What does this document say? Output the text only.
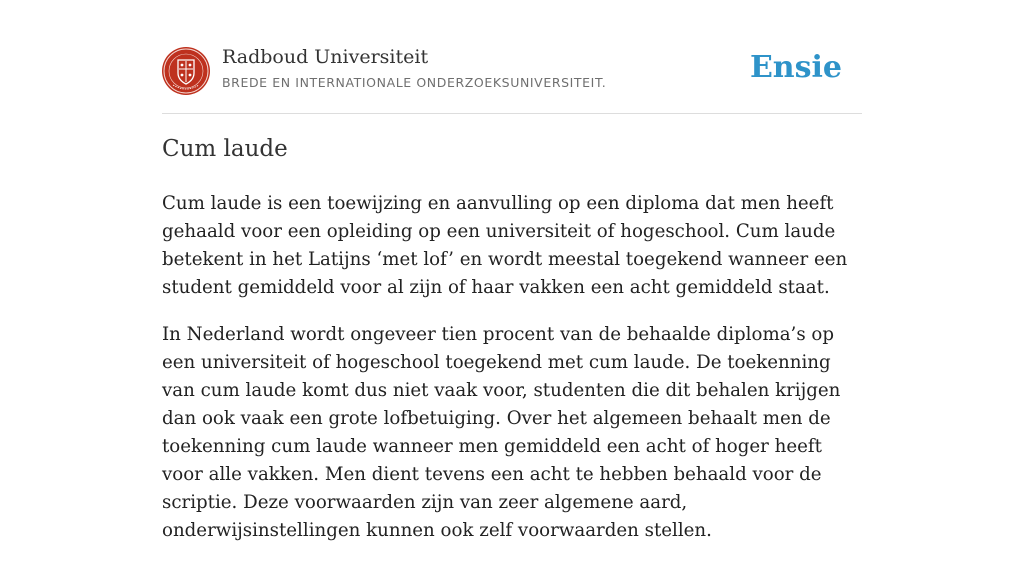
Radboud Universiteit
BREDE EN INTERNATIONALE ONDERZOEKSUNIVERSITEIT.	Ensie
Cum laude

Cum laude is een toewijzing en aanvulling op een diploma dat men heeft gehaald voor een opleiding op een universiteit of hogeschool. Cum laude betekent in het Latijns ‘met lof’ en wordt meestal toegekend wanneer een student gemiddeld voor al zijn of haar vakken een acht gemiddeld staat.

In Nederland wordt ongeveer tien procent van de behaalde diploma’s op een universiteit of hogeschool toegekend met cum laude. De toekenning van cum laude komt dus niet vaak voor, studenten die dit behalen krijgen dan ook vaak een grote lofbetuiging. Over het algemeen behaalt men de toekenning cum laude wanneer men gemiddeld een acht of hoger heeft voor alle vakken. Men dient tevens een acht te hebben behaald voor de scriptie. Deze voorwaarden zijn van zeer algemene aard, onderwijsinstellingen kunnen ook zelf voorwaarden stellen.
